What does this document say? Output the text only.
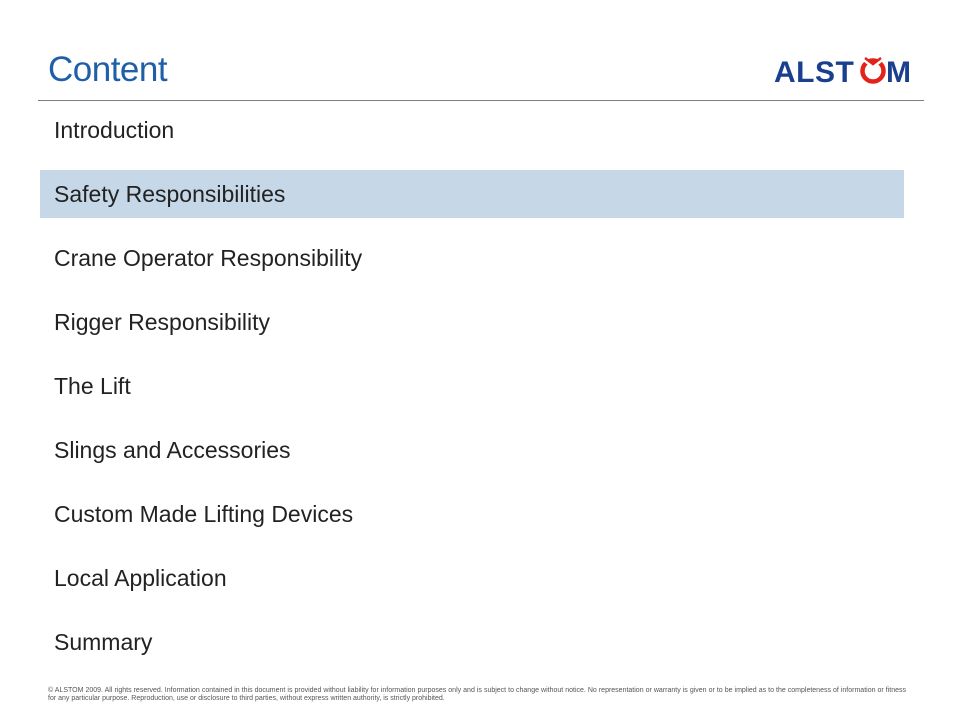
Content	ALST M
Introduction
Safety Responsibilities
Crane Operator Responsibility
Rigger Responsibility
The Lift
Slings and Accessories
Custom Made Lifting Devices
Local Application
Summary

© ALSTOM 2009. All rights reserved. Information contained in this document is provided without liability for information purposes only and is subject to change without notice. No representation or warranty is given or to be implied as to the completeness of information or fitness for any particular purpose. Reproduction, use or disclosure to third parties, without express written authority, is strictly prohibited.
